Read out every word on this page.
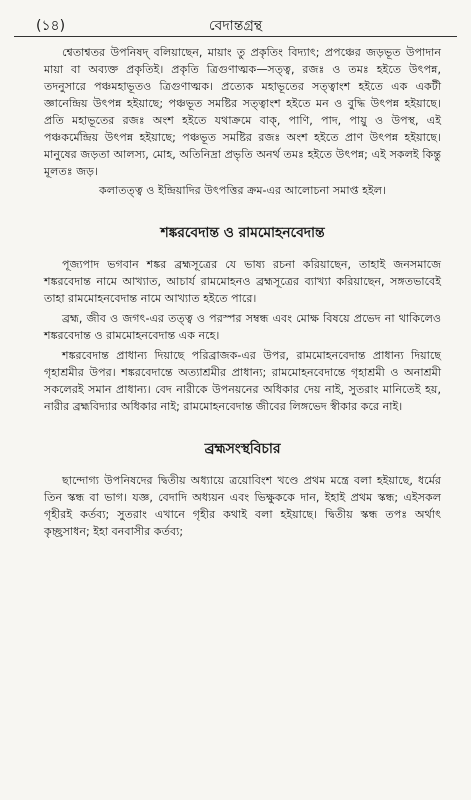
(১৪)	বেদান্তগ্রন্থ

শ্বেতাশ্বতর উপনিষদ্‌ বলিয়াছেন, মায়াং তু প্রকৃতিং বিদ্যাৎ; প্রপঞ্চের জড়ভূত উপাদান মায়া বা অব্যক্ত প্রকৃতিই। প্রকৃতি ত্রিগুণাত্মক—সত্ত্ব, রজঃ ও তমঃ হইতে উৎপন্ন, তদনুসারে পঞ্চমহাভূতও ত্রিগুণাত্মক। প্রত্যেক মহাভূতের সত্ত্বাংশ হইতে এক একটী জ্ঞানেন্দ্রিয় উৎপন্ন হইয়াছে; পঞ্চভূত সমষ্টির সত্ত্বাংশ হইতে মন ও বুদ্ধি উৎপন্ন হইয়াছে। প্রতি মহাভূতের রজঃ অংশ হইতে যথাক্রমে বাক্‌, পাণি, পাদ, পায়ু ও উপস্থ, এই পঞ্চকর্মেন্দ্রিয় উৎপন্ন হইয়াছে; পঞ্চভূত সমষ্টির রজঃ অংশ হইতে প্রাণ উৎপন্ন হইয়াছে। মানুষের জড়তা আলস্য, মোহ, অতিনিদ্রা প্রভৃতি অনর্থ তমঃ হইতে উৎপন্ন; এই সকলই কিন্তু মূলতঃ জড়।

কলাতত্ত্ব ও ইন্দ্রিয়াদির উৎপত্তির ক্রম-এর আলোচনা সমাপ্ত হইল।

শঙ্করবেদান্ত ও রামমোহনবেদান্ত

পূজ্যপাদ ভগবান শঙ্কর ব্রহ্মসূত্রের যে ভাষ্য রচনা করিয়াছেন, তাহাই জনসমাজে শঙ্করবেদান্ত নামে আখ্যাত, আচার্য রামমোহনও ব্রহ্মসূত্রের ব্যাখ্যা করিয়াছেন, সঙ্গতভাবেই তাহা রামমোহনবেদান্ত নামে আখ্যাত হইতে পারে।

ব্রহ্ম, জীব ও জগৎ-এর তত্ত্ব ও পরস্পর সম্বন্ধ এবং মোক্ষ বিষয়ে প্রভেদ না থাকিলেও শঙ্করবেদান্ত ও রামমোহনবেদান্ত এক নহে।

শঙ্করবেদান্ত প্রাধান্য দিয়াছে পরিব্রাজক-এর উপর, রামমোহনবেদান্ত প্রাধান্য দিয়াছে গৃহাশ্রমীর উপর। শঙ্করবেদান্তে অত্যাশ্রমীর প্রাধান্য; রামমোহনবেদান্তে গৃহাশ্রমী ও অনাশ্রমী সকলেরই সমান প্রাধান্য। বেদ নারীকে উপনয়নের অধিকার দেয় নাই, সুতরাং মানিতেই হয়, নারীর ব্রহ্মবিদ্যার অধিকার নাই; রামমোহনবেদান্ত জীবের লিঙ্গভেদ স্বীকার করে নাই।

ব্রহ্মসংস্থবিচার

ছান্দোগ্য উপনিষদের দ্বিতীয় অধ্যায়ে ত্রয়োবিংশ খণ্ডে প্রথম মন্ত্রে বলা হইয়াছে, ধর্মের তিন স্কন্ধ বা ভাগ। যজ্ঞ, বেদাদি অধ্যয়ন এবং ভিক্ষুককে দান, ইহাই প্রথম স্কন্ধ; এইসকল গৃহীরই কর্তব্য; সুতরাং এখানে গৃহীর কথাই বলা হইয়াছে। দ্বিতীয় স্কন্ধ তপঃ অর্থাৎ কৃচ্ছ্রসাধন; ইহা বনবাসীর কর্তব্য;
